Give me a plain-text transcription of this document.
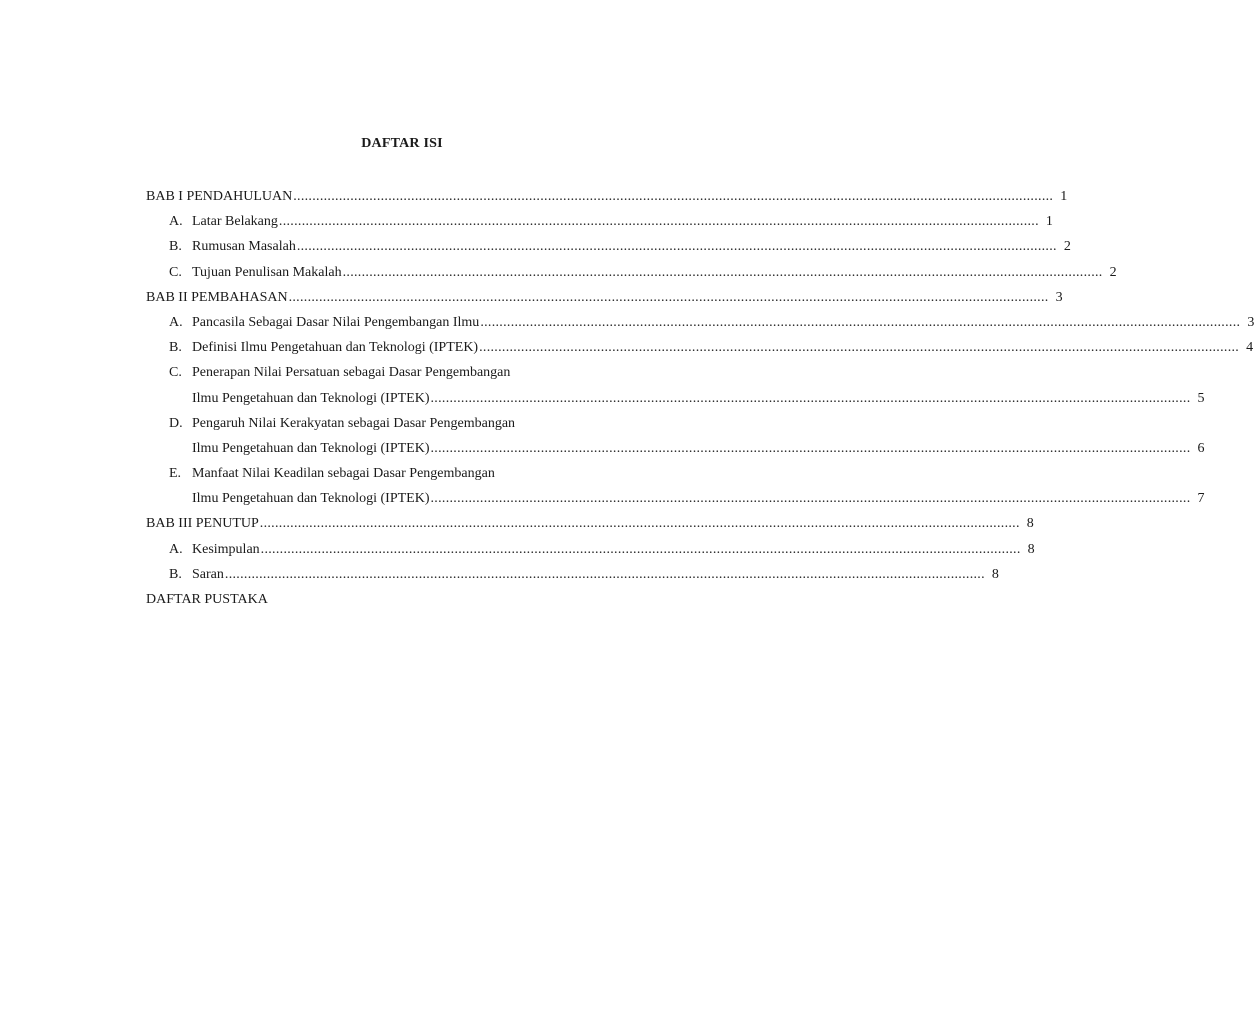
DAFTAR ISI
BAB I PENDAHULUAN ........................................................................................................................................................................................................ 1
A. Latar Belakang ........................................................................................................................................................................................................ 1
B. Rumusan Masalah ........................................................................................................................................................................................................ 2
C. Tujuan Penulisan Makalah ........................................................................................................................................................................................................ 2
BAB II PEMBAHASAN ........................................................................................................................................................................................................ 3
A. Pancasila Sebagai Dasar Nilai Pengembangan Ilmu ........................................................................................................................................................................................................ 3
B. Definisi Ilmu Pengetahuan dan Teknologi (IPTEK) ........................................................................................................................................................................................................ 4
C. Penerapan Nilai Persatuan sebagai Dasar Pengembangan
Ilmu Pengetahuan dan Teknologi (IPTEK) ........................................................................................................................................................................................................ 5
D. Pengaruh Nilai Kerakyatan sebagai Dasar Pengembangan
Ilmu Pengetahuan dan Teknologi (IPTEK) ........................................................................................................................................................................................................ 6
E. Manfaat Nilai Keadilan sebagai Dasar Pengembangan
Ilmu Pengetahuan dan Teknologi (IPTEK) ........................................................................................................................................................................................................ 7
BAB III PENUTUP ........................................................................................................................................................................................................ 8
A. Kesimpulan ........................................................................................................................................................................................................ 8
B. Saran ........................................................................................................................................................................................................ 8
DAFTAR PUSTAKA
